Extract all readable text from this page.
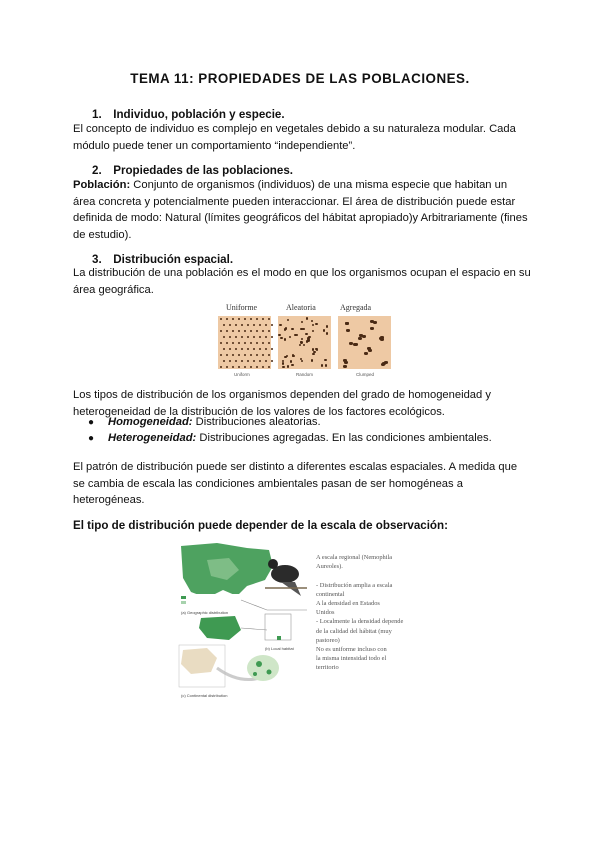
TEMA 11: PROPIEDADES DE LAS POBLACIONES.
1. Individuo, población y especie.
El concepto de individuo es complejo en vegetales debido a su naturaleza modular. Cada
módulo puede tener un comportamiento “independiente”.
2. Propiedades de las poblaciones.
Población: Conjunto de organismos (individuos) de una misma especie que habitan un
área concreta y potencialmente pueden interaccionar. El área de distribución puede estar
definida de modo: Natural (límites geográficos del hábitat apropiado)y Arbitrariamente (fines
de estudio).
3. Distribución espacial.
La distribución de una población es el modo en que los organismos ocupan el espacio en su
área geográfica.
Uniforme	Aleatoria	Agregada
Uniform	Random	Clumped
Los tipos de distribución de los organismos dependen del grado de homogeneidad y
heterogeneidad de la distribución de los valores de los factores ecológicos.
● Homogeneidad: Distribuciones aleatorias.
● Heterogeneidad: Distribuciones agregadas. En las condiciones ambientales.
El patrón de distribución puede ser distinto a diferentes escalas espaciales. A medida que
se cambia de escala las condiciones ambientales pasan de ser homogéneas a
heterogéneas.
El tipo de distribución puede depender de la escala de observación:
(a) Geographic distribution
(b) Local habitat
(c) Continental distribution
A escala regional (Nemophila
Aureoles).

- Distribución amplia a escala
continental
A la densidad en Estados
Unidos
- Localmente la densidad depende
de la calidad del hábitat (muy
pastoreo)
No es uniforme incluso con
la misma intensidad todo el
territorio
